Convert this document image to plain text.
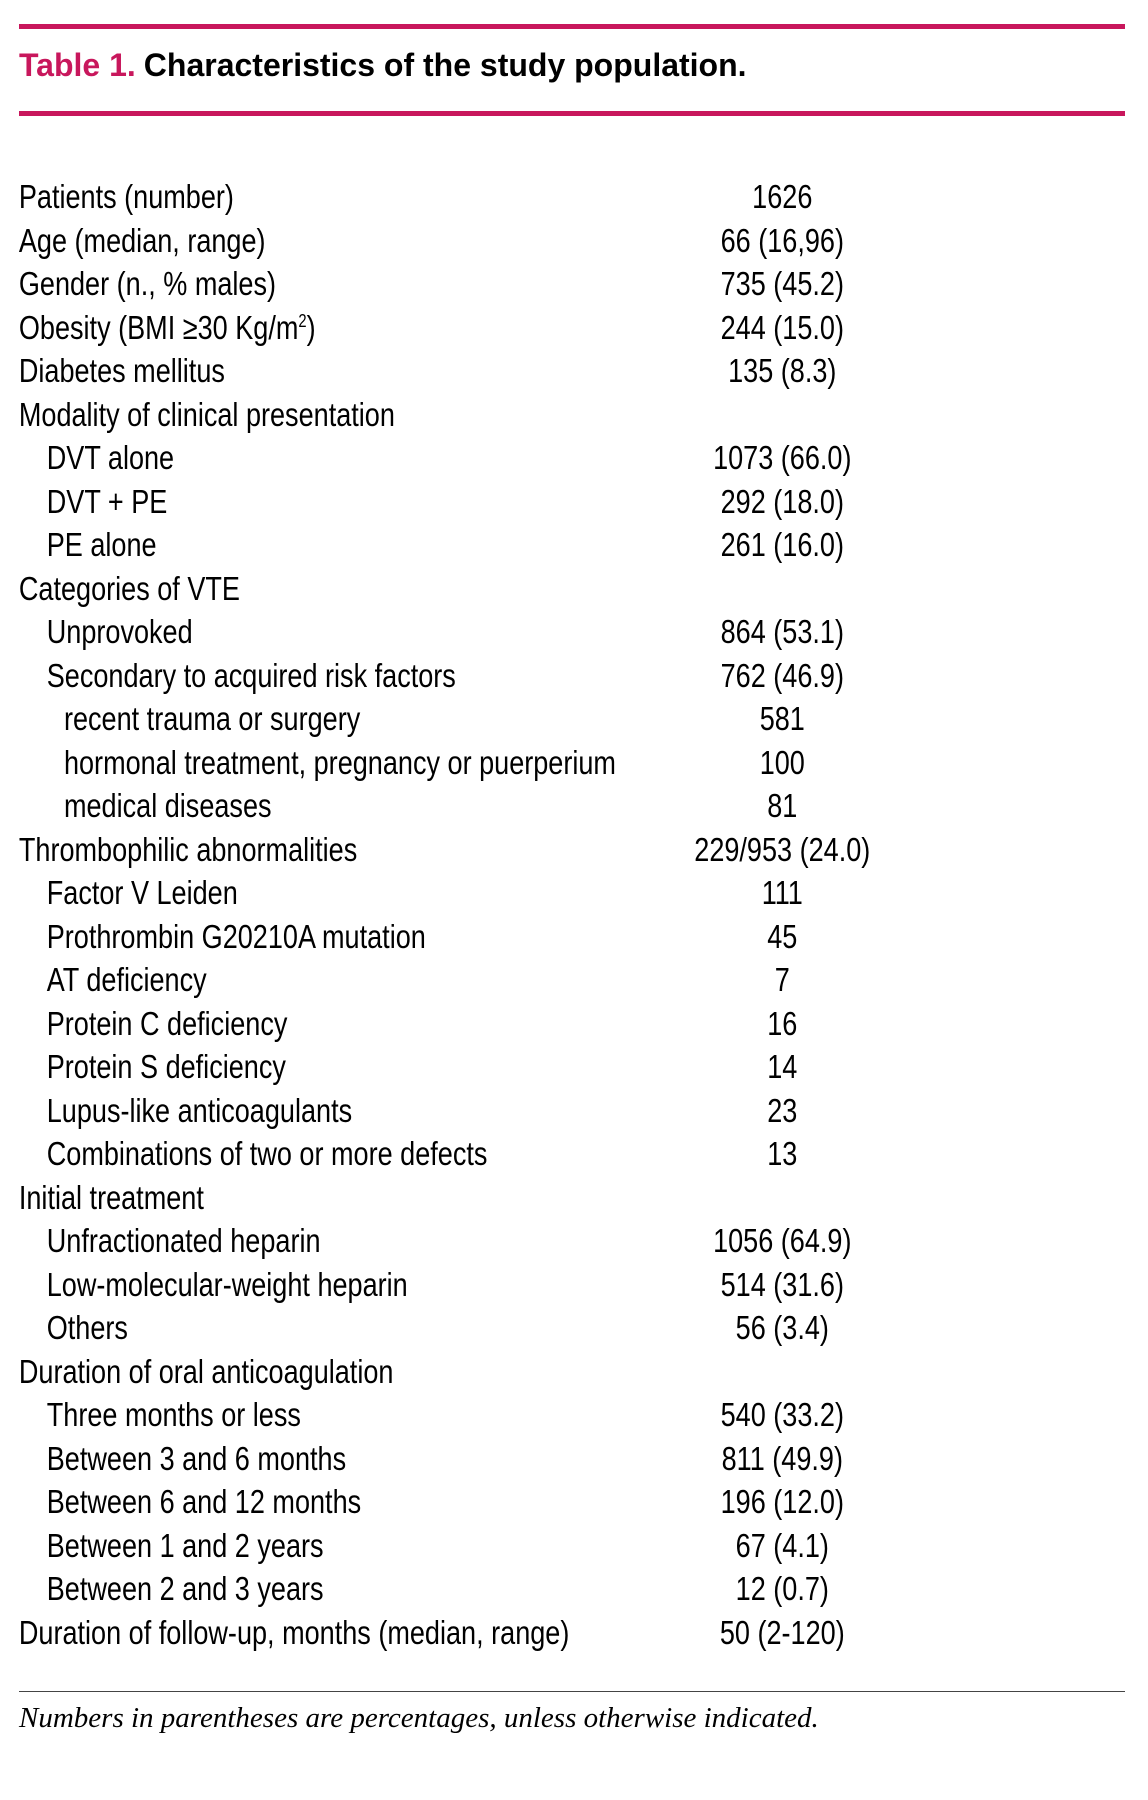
Table 1. Characteristics of the study population.
Patients (number)	1626
Age (median, range)	66 (16,96)
Gender (n., % males)	735 (45.2)
Obesity (BMI ≥30 $Kg/m^2$)	244 (15.0)
Diabetes mellitus	135 (8.3)
Modality of clinical presentation
DVT alone	1073 (66.0)
DVT + PE	292 (18.0)
PE alone	261 (16.0)
Categories of VTE
Unprovoked	864 (53.1)
Secondary to acquired risk factors	762 (46.9)
recent trauma or surgery	581
hormonal treatment, pregnancy or puerperium	100
medical diseases	81
Thrombophilic abnormalities	229/953 (24.0)
Factor V Leiden	111
Prothrombin G20210A mutation	45
AT deficiency	7
Protein C deficiency	16
Protein S deficiency	14
Lupus-like anticoagulants	23
Combinations of two or more defects	13
Initial treatment
Unfractionated heparin	1056 (64.9)
Low-molecular-weight heparin	514 (31.6)
Others	56 (3.4)
Duration of oral anticoagulation
Three months or less	540 (33.2)
Between 3 and 6 months	811 (49.9)
Between 6 and 12 months	196 (12.0)
Between 1 and 2 years	67 (4.1)
Between 2 and 3 years	12 (0.7)
Duration of follow-up, months (median, range)	50 (2-120)
Numbers in parentheses are percentages, unless otherwise indicated.
